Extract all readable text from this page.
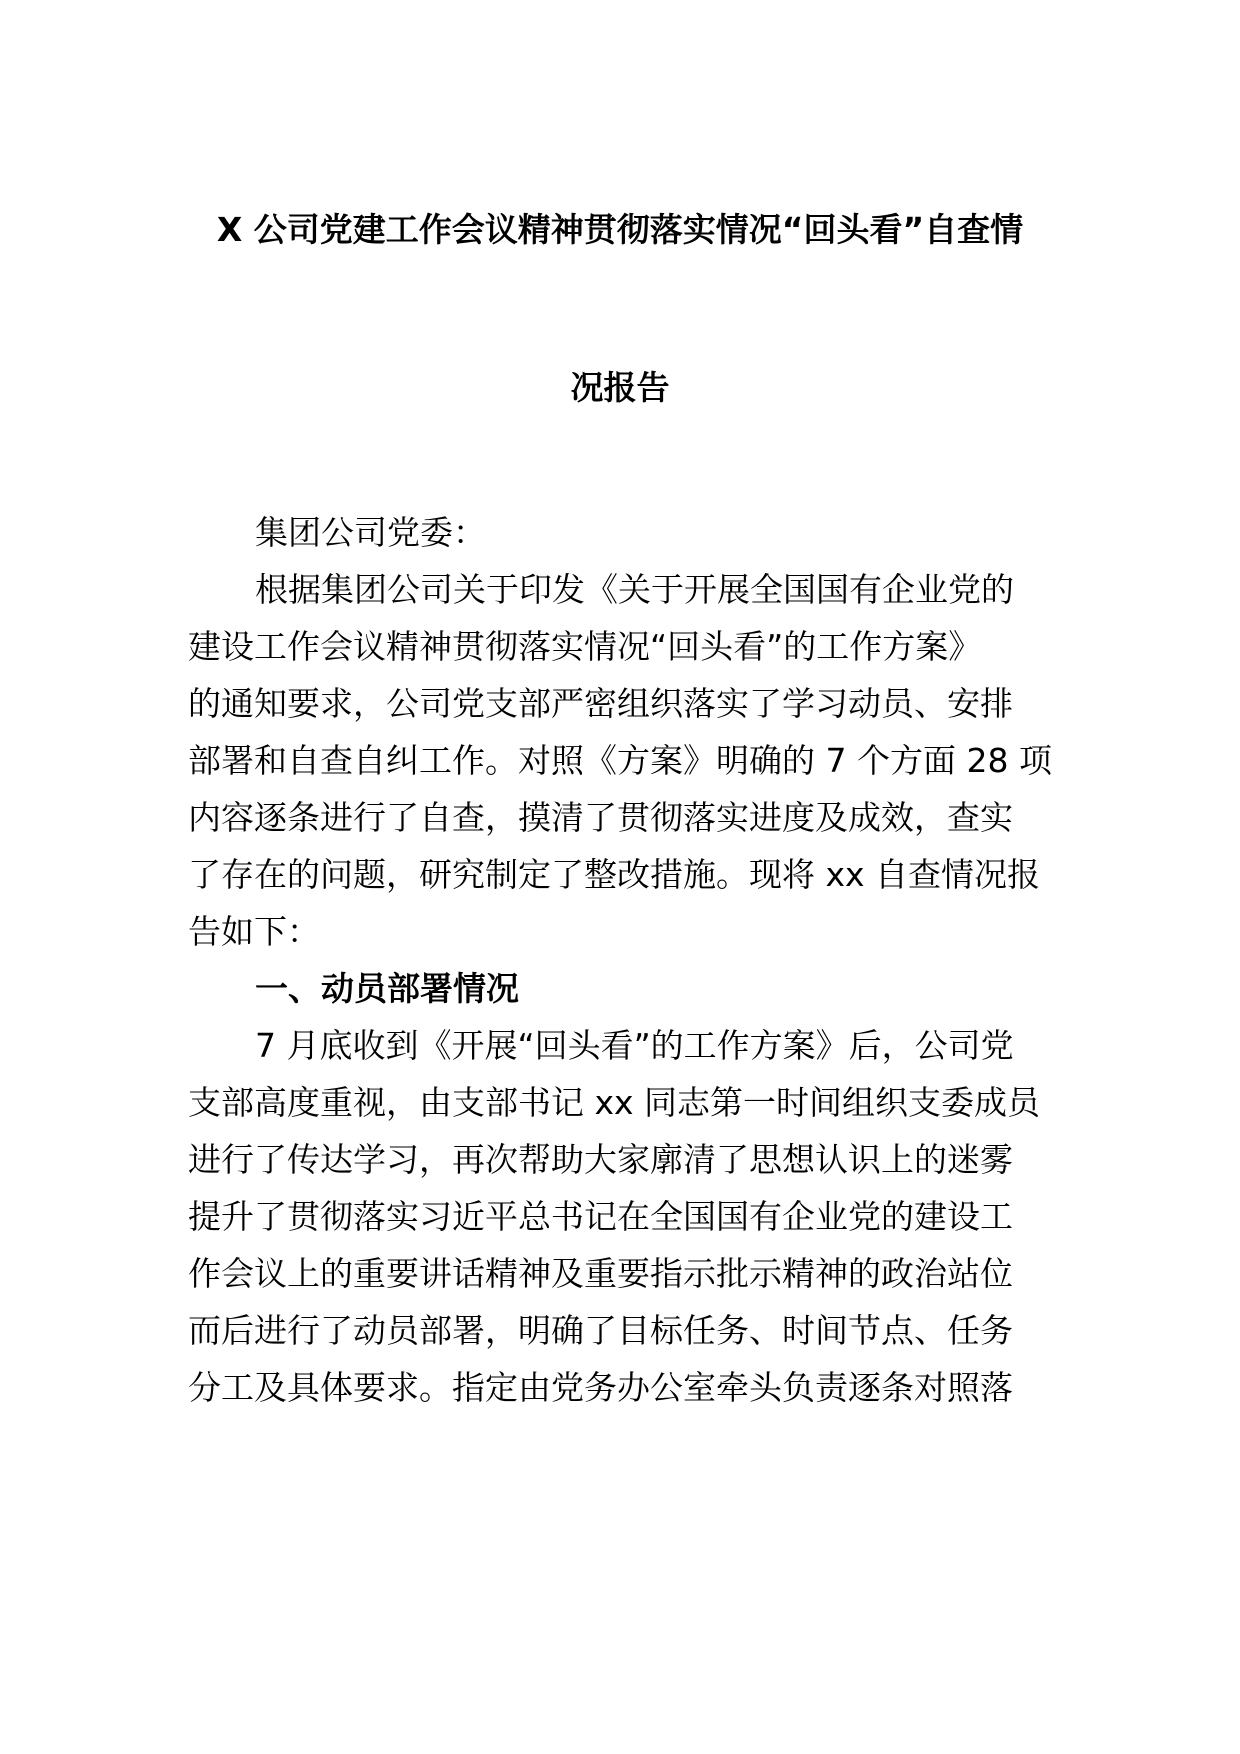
X 公司党建工作会议精神贯彻落实情况“回头看”自查情
况报告
集团公司党委：
根据集团公司关于印发《关于开展全国国有企业党的
建设工作会议精神贯彻落实情况“回头看”的工作方案》
的通知要求，公司党支部严密组织落实了学习动员、安排
部署和自查自纠工作。对照《方案》明确的 7 个方面 28 项
内容逐条进行了自查，摸清了贯彻落实进度及成效，查实
了存在的问题，研究制定了整改措施。现将 xx 自查情况报
告如下：
一、动员部署情况
7 月底收到《开展“回头看”的工作方案》后，公司党
支部高度重视，由支部书记 xx 同志第一时间组织支委成员
进行了传达学习，再次帮助大家廓清了思想认识上的迷雾
提升了贯彻落实习近平总书记在全国国有企业党的建设工
作会议上的重要讲话精神及重要指示批示精神的政治站位
而后进行了动员部署，明确了目标任务、时间节点、任务
分工及具体要求。指定由党务办公室牵头负责逐条对照落
